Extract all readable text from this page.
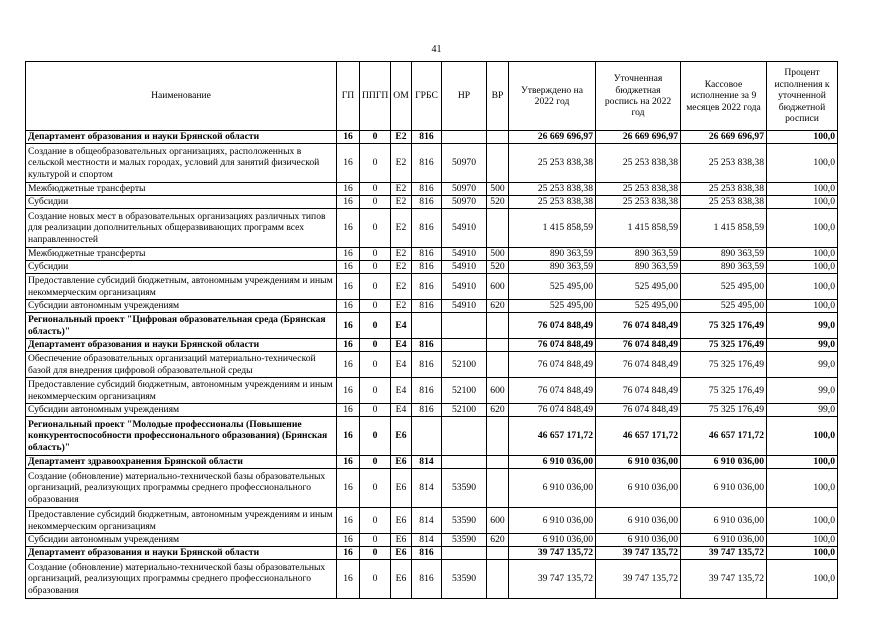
41
Наименование	ГП	ППГП	ОМ	ГРБС	НР	ВР	Утверждено на 2022 год	Уточненная бюджетная роспись на 2022 год	Кассовое исполнение за 9 месяцев 2022 года	Процент исполнения к уточненной бюджетной росписи
Департамент образования и науки Брянской области	16	0	Е2	816			26 669 696,97	26 669 696,97	26 669 696,97	100,0
Создание в общеобразовательных организациях, расположенных в сельской местности и малых городах, условий для занятий физической культурой и спортом	16	0	Е2	816	50970		25 253 838,38	25 253 838,38	25 253 838,38	100,0
Межбюджетные трансферты	16	0	Е2	816	50970	500	25 253 838,38	25 253 838,38	25 253 838,38	100,0
Субсидии	16	0	Е2	816	50970	520	25 253 838,38	25 253 838,38	25 253 838,38	100,0
Создание новых мест в образовательных организациях различных типов для реализации дополнительных общеразвивающих программ всех направленностей	16	0	Е2	816	54910		1 415 858,59	1 415 858,59	1 415 858,59	100,0
Межбюджетные трансферты	16	0	Е2	816	54910	500	890 363,59	890 363,59	890 363,59	100,0
Субсидии	16	0	Е2	816	54910	520	890 363,59	890 363,59	890 363,59	100,0
Предоставление субсидий бюджетным, автономным учреждениям и иным некоммерческим организациям	16	0	Е2	816	54910	600	525 495,00	525 495,00	525 495,00	100,0
Субсидии автономным учреждениям	16	0	Е2	816	54910	620	525 495,00	525 495,00	525 495,00	100,0
Региональный проект "Цифровая образовательная среда (Брянская область)"	16	0	Е4				76 074 848,49	76 074 848,49	75 325 176,49	99,0
Департамент образования и науки Брянской области	16	0	Е4	816			76 074 848,49	76 074 848,49	75 325 176,49	99,0
Обеспечение образовательных организаций материально-технической базой для внедрения цифровой образовательной среды	16	0	Е4	816	52100		76 074 848,49	76 074 848,49	75 325 176,49	99,0
Предоставление субсидий бюджетным, автономным учреждениям и иным некоммерческим организациям	16	0	Е4	816	52100	600	76 074 848,49	76 074 848,49	75 325 176,49	99,0
Субсидии автономным учреждениям	16	0	Е4	816	52100	620	76 074 848,49	76 074 848,49	75 325 176,49	99,0
Региональный проект "Молодые профессионалы (Повышение конкурентоспособности профессионального образования) (Брянская область)"	16	0	Е6				46 657 171,72	46 657 171,72	46 657 171,72	100,0
Департамент здравоохранения Брянской области	16	0	Е6	814			6 910 036,00	6 910 036,00	6 910 036,00	100,0
Создание (обновление) материально-технической базы образовательных организаций, реализующих программы среднего профессионального образования	16	0	Е6	814	53590		6 910 036,00	6 910 036,00	6 910 036,00	100,0
Предоставление субсидий бюджетным, автономным учреждениям и иным некоммерческим организациям	16	0	Е6	814	53590	600	6 910 036,00	6 910 036,00	6 910 036,00	100,0
Субсидии автономным учреждениям	16	0	Е6	814	53590	620	6 910 036,00	6 910 036,00	6 910 036,00	100,0
Департамент образования и науки Брянской области	16	0	Е6	816			39 747 135,72	39 747 135,72	39 747 135,72	100,0
Создание (обновление) материально-технической базы образовательных организаций, реализующих программы среднего профессионального образования	16	0	Е6	816	53590		39 747 135,72	39 747 135,72	39 747 135,72	100,0
